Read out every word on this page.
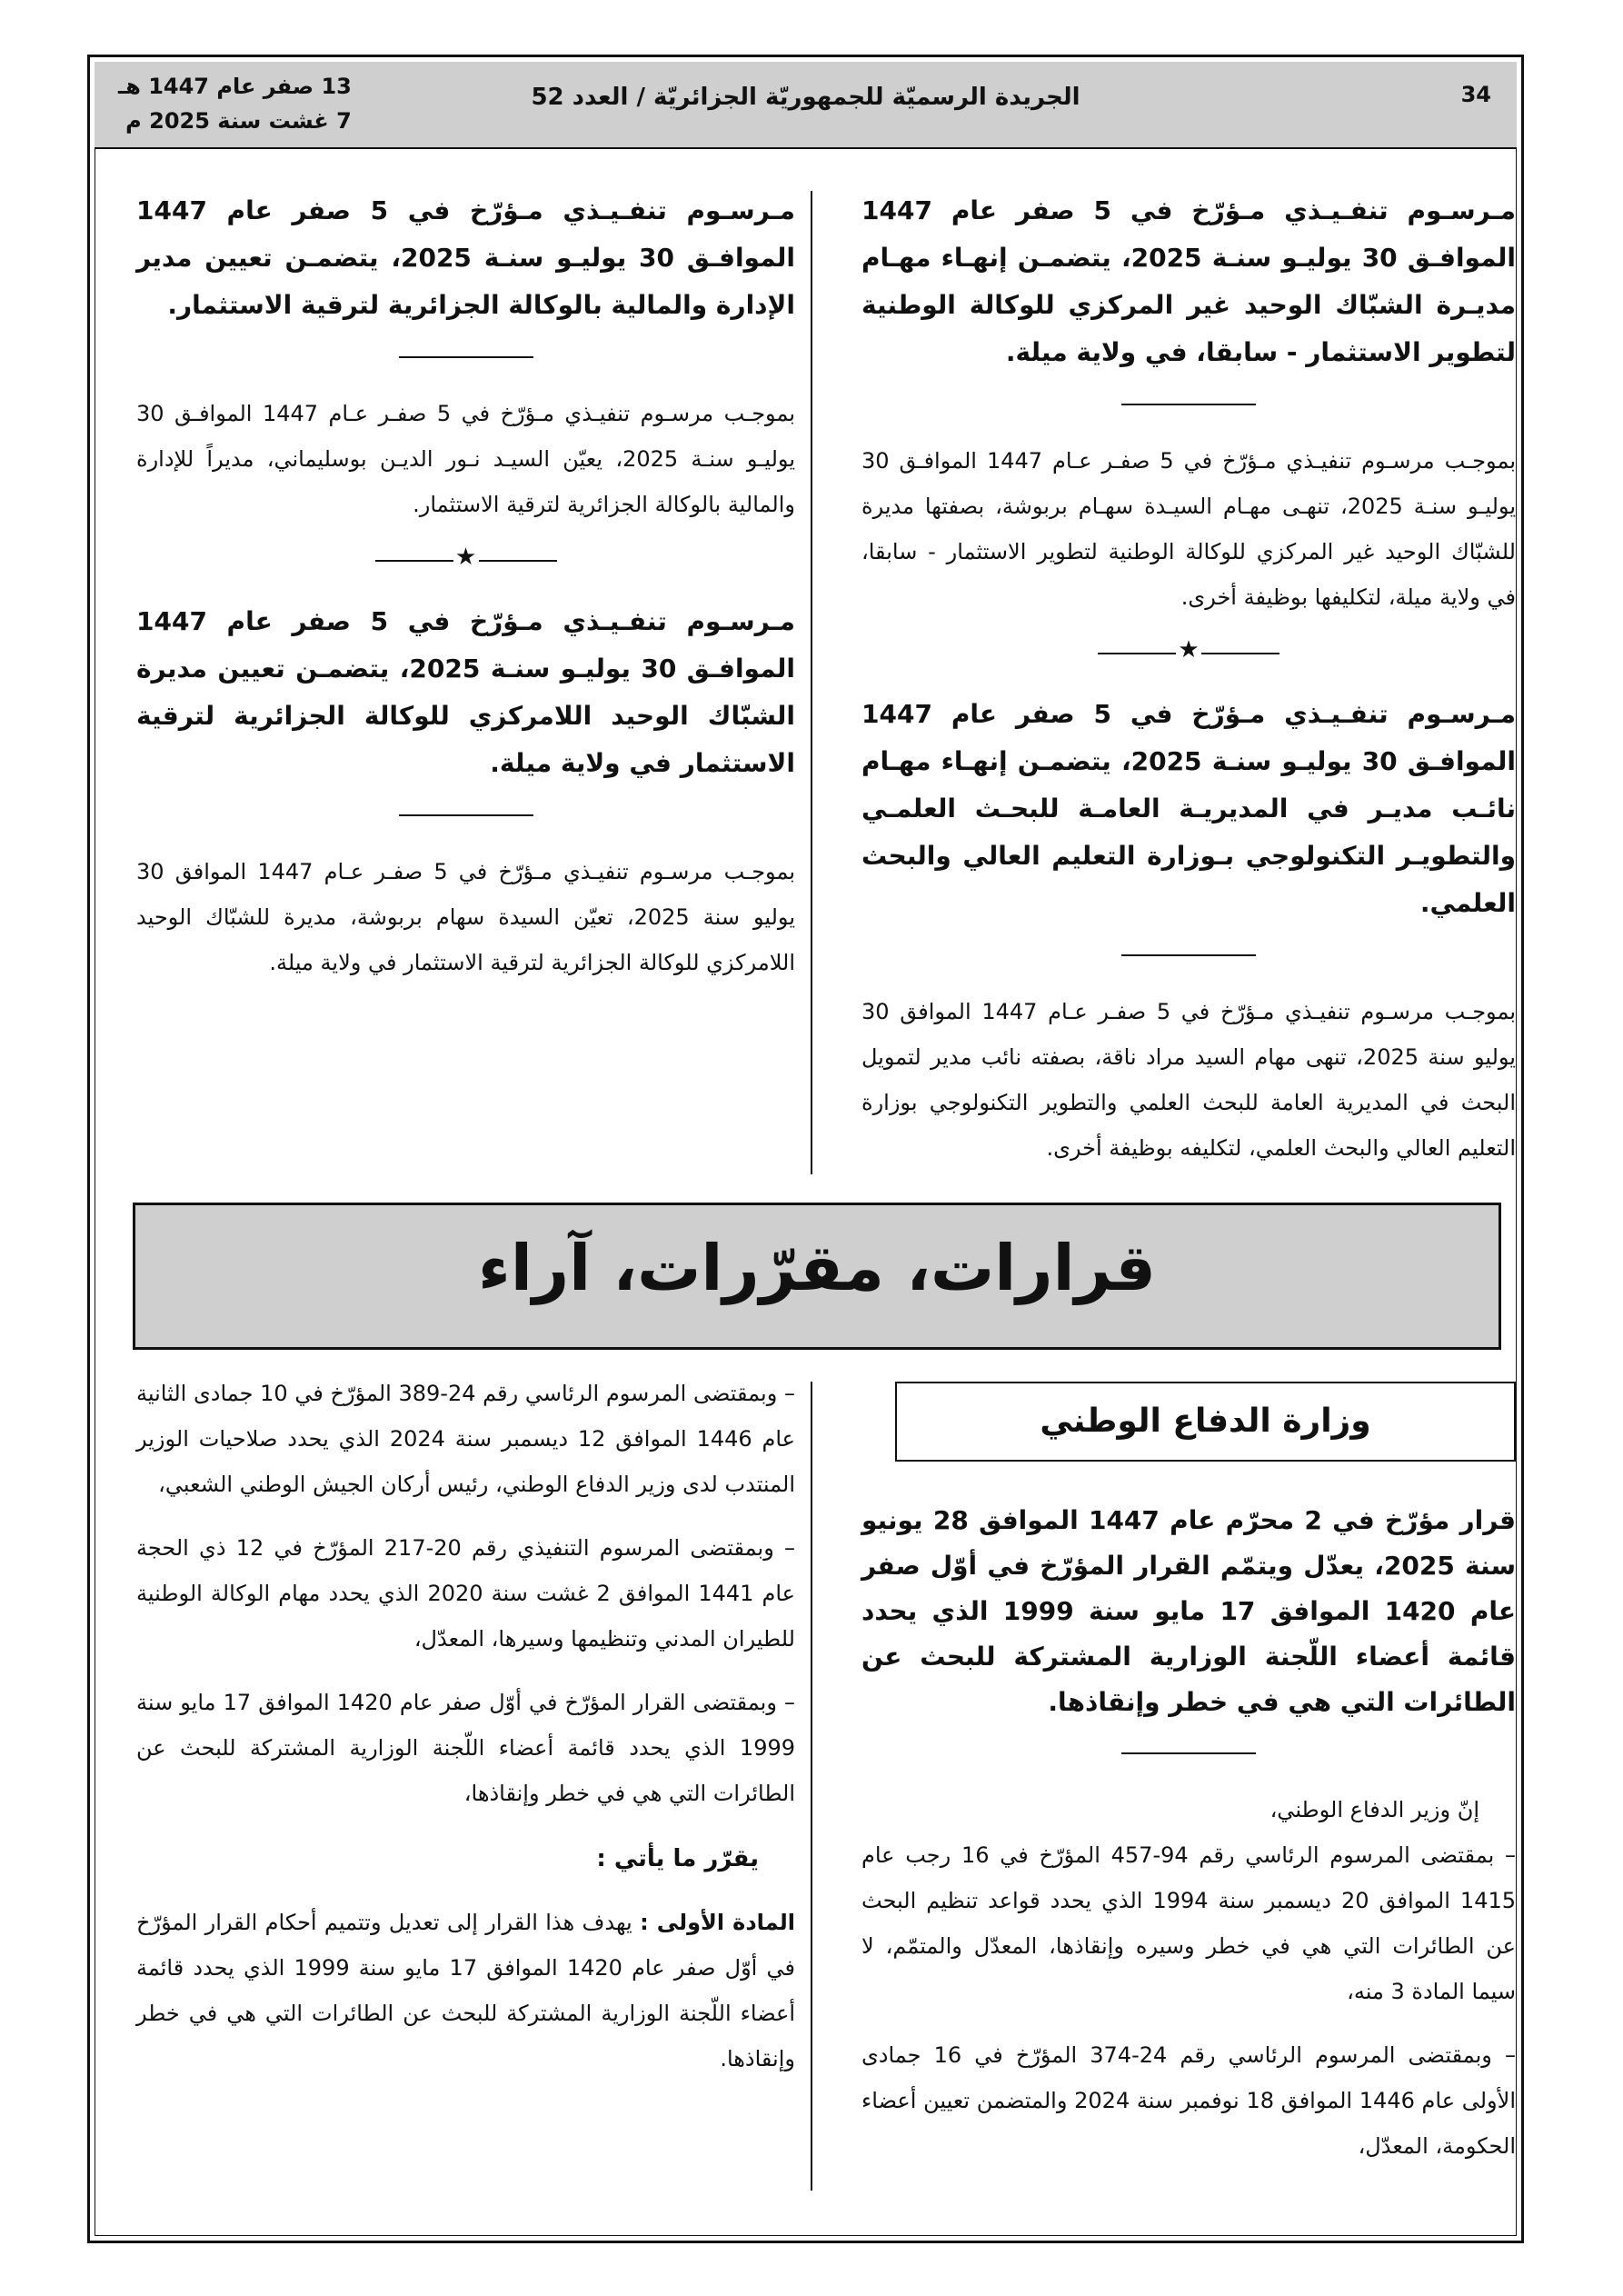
34
الجريدة الرسميّة للجمهوريّة الجزائريّة / العدد 52
13 صفر عام 1447 هـ
7 غشت سنة 2025 م

مـرسـوم تنفـيـذي مـؤرّخ في 5 صفر عام 1447 الموافـق 30 يوليـو سنـة 2025، يتضمـن إنهـاء مهـام مديـرة الشبّاك الوحيد غير المركزي للوكالة الوطنية لتطوير الاستثمار - سابقا، في ولاية ميلة.

بموجـب مرسـوم تنفيـذي مـؤرّخ في 5 صفـر عـام 1447 الموافـق 30 يوليـو سنـة 2025، تنهـى مهـام السيـدة سهـام بربوشة، بصفتها مديرة للشبّاك الوحيد غير المركزي للوكالة الوطنية لتطوير الاستثمار - سابقا، في ولاية ميلة، لتكليفها بوظيفة أخرى.

★

مـرسـوم تنفـيـذي مـؤرّخ في 5 صفر عام 1447 الموافـق 30 يوليـو سنـة 2025، يتضمـن إنهـاء مهـام نائـب مديـر في المديريـة العامـة للبحـث العلمـي والتطويـر التكنولوجي بـوزارة التعليم العالي والبحث العلمي.

بموجـب مرسـوم تنفيـذي مـؤرّخ في 5 صفـر عـام 1447 الموافق 30 يوليو سنة 2025، تنهى مهام السيد مراد ناقة، بصفته نائب مدير لتمويل البحث في المديرية العامة للبحث العلمي والتطوير التكنولوجي بوزارة التعليم العالي والبحث العلمي، لتكليفه بوظيفة أخرى.

مـرسـوم تنفـيـذي مـؤرّخ في 5 صفر عام 1447 الموافـق 30 يوليـو سنـة 2025، يتضمـن تعيين مدير الإدارة والمالية بالوكالة الجزائرية لترقية الاستثمار.

بموجـب مرسـوم تنفيـذي مـؤرّخ في 5 صفـر عـام 1447 الموافـق 30 يوليـو سنـة 2025، يعيّن السيـد نـور الديـن بوسليماني، مديراً للإدارة والمالية بالوكالة الجزائرية لترقية الاستثمار.

★

مـرسـوم تنفـيـذي مـؤرّخ في 5 صفر عام 1447 الموافـق 30 يوليـو سنـة 2025، يتضمـن تعيين مديرة الشبّاك الوحيد اللامركزي للوكالة الجزائرية لترقية الاستثمار في ولاية ميلة.

بموجـب مرسـوم تنفيـذي مـؤرّخ في 5 صفـر عـام 1447 الموافق 30 يوليو سنة 2025، تعيّن السيدة سهام بربوشة، مديرة للشبّاك الوحيد اللامركزي للوكالة الجزائرية لترقية الاستثمار في ولاية ميلة.

قرارات، مقرّرات، آراء
وزارة الدفاع الوطني

قرار مؤرّخ في 2 محرّم عام 1447 الموافق 28 يونيو سنة 2025، يعدّل ويتمّم القرار المؤرّخ في أوّل صفر عام 1420 الموافق 17 مايو سنة 1999 الذي يحدد قائمة أعضاء اللّجنة الوزارية المشتركة للبحث عن الطائرات التي هي في خطر وإنقاذها.

إنّ وزير الدفاع الوطني،

– بمقتضى المرسوم الرئاسي رقم 94-457 المؤرّخ في 16 رجب عام 1415 الموافق 20 ديسمبر سنة 1994 الذي يحدد قواعد تنظيم البحث عن الطائرات التي هي في خطر وسيره وإنقاذها، المعدّل والمتمّم، لا سيما المادة 3 منه،

– وبمقتضى المرسوم الرئاسي رقم 24-374 المؤرّخ في 16 جمادى الأولى عام 1446 الموافق 18 نوفمبر سنة 2024 والمتضمن تعيين أعضاء الحكومة، المعدّل،

– وبمقتضى المرسوم الرئاسي رقم 24-389 المؤرّخ في 10 جمادى الثانية عام 1446 الموافق 12 ديسمبر سنة 2024 الذي يحدد صلاحيات الوزير المنتدب لدى وزير الدفاع الوطني، رئيس أركان الجيش الوطني الشعبي،

– وبمقتضى المرسوم التنفيذي رقم 20-217 المؤرّخ في 12 ذي الحجة عام 1441 الموافق 2 غشت سنة 2020 الذي يحدد مهام الوكالة الوطنية للطيران المدني وتنظيمها وسيرها، المعدّل،

– وبمقتضى القرار المؤرّخ في أوّل صفر عام 1420 الموافق 17 مايو سنة 1999 الذي يحدد قائمة أعضاء اللّجنة الوزارية المشتركة للبحث عن الطائرات التي هي في خطر وإنقاذها،

يقرّر ما يأتي :

المادة الأولى : يهدف هذا القرار إلى تعديل وتتميم أحكام القرار المؤرّخ في أوّل صفر عام 1420 الموافق 17 مايو سنة 1999 الذي يحدد قائمة أعضاء اللّجنة الوزارية المشتركة للبحث عن الطائرات التي هي في خطر وإنقاذها.
